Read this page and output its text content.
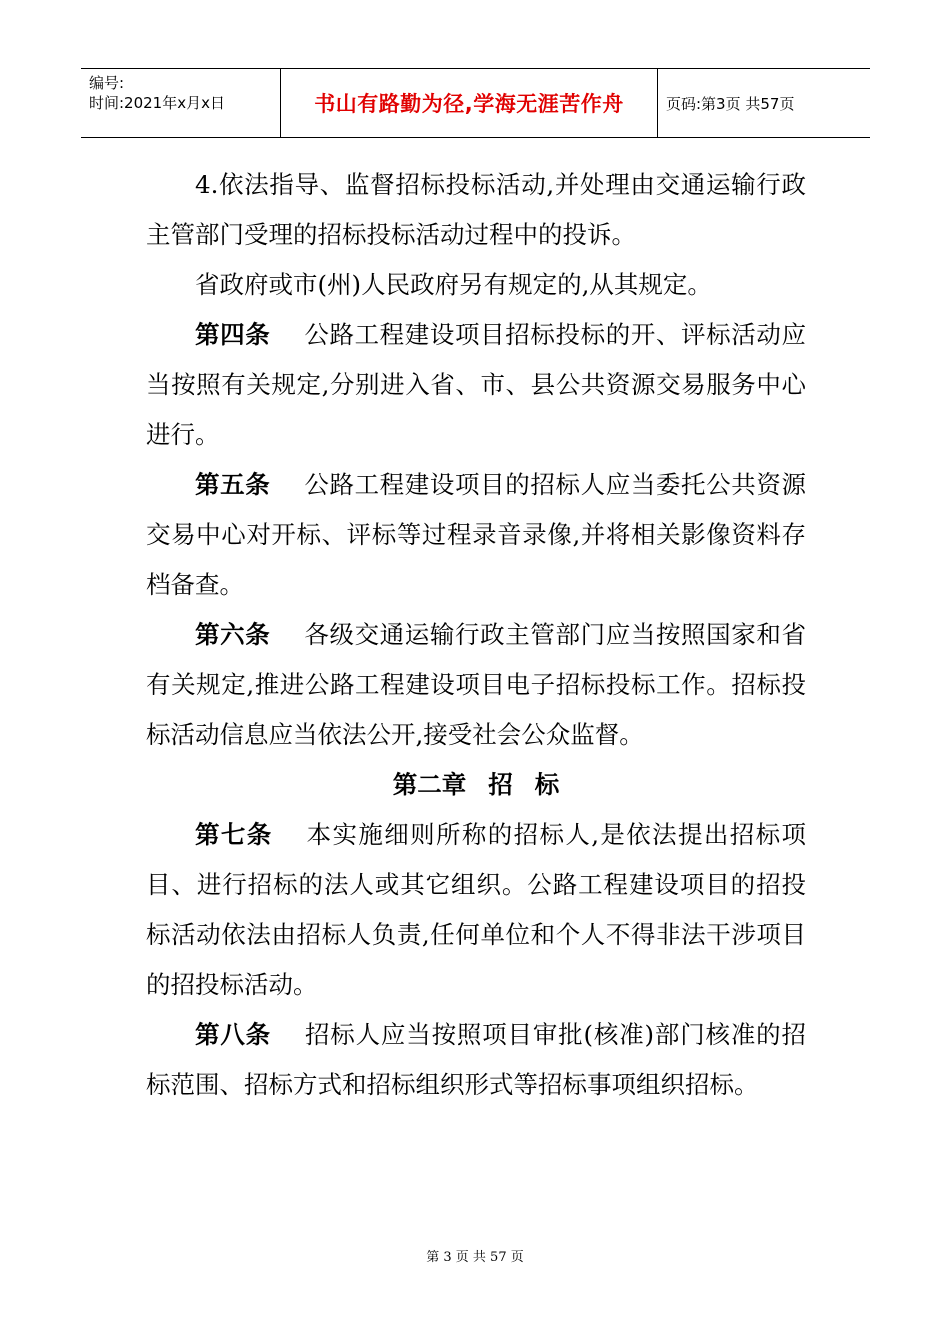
编号:
时间:2021年x月x日	书山有路勤为径,学海无涯苦作舟	页码:第3页 共57页

4.依法指导、监督招标投标活动,并处理由交通运输行政主管部门受理的招标投标活动过程中的投诉。

省政府或市(州)人民政府另有规定的,从其规定。

第四条 公路工程建设项目招标投标的开、评标活动应当按照有关规定,分别进入省、市、县公共资源交易服务中心进行。

第五条 公路工程建设项目的招标人应当委托公共资源交易中心对开标、评标等过程录音录像,并将相关影像资料存档备查。

第六条 各级交通运输行政主管部门应当按照国家和省有关规定,推进公路工程建设项目电子招标投标工作。招标投标活动信息应当依法公开,接受社会公众监督。

第二章 招 标

第七条 本实施细则所称的招标人,是依法提出招标项目、进行招标的法人或其它组织。公路工程建设项目的招投标活动依法由招标人负责,任何单位和个人不得非法干涉项目的招投标活动。

第八条 招标人应当按照项目审批(核准)部门核准的招标范围、招标方式和招标组织形式等招标事项组织招标。

第 3 页 共 57 页
